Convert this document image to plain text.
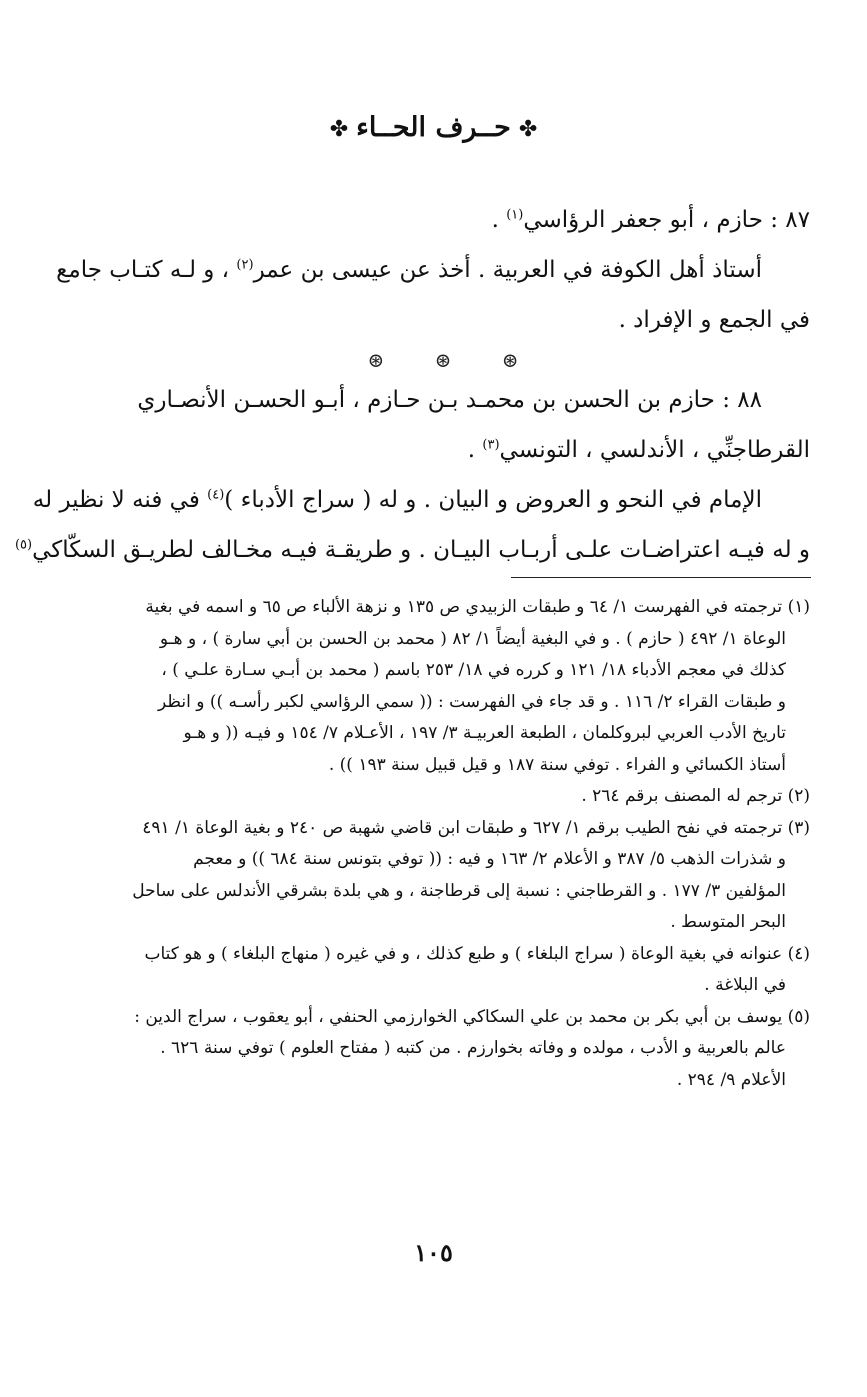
✤حــرف الحــاء✤
٨٧ : حازم ، أبو جعفر الرؤاسي$^{(١)}$ .
أستاذ أهل الكوفة في العربية . أخذ عن عيسى بن عمر$^{(٢)}$ ، و لـه كتـاب جامع
في الجمع و الإفراد .
⊛ ⊛ ⊛
٨٨ : حازم بن الحسن بن محمـد بـن حـازم ، أبـو الحسـن الأنصـاري
القرطاجنِّي ، الأندلسي ، التونسي$^{(٣)}$ .
الإمام في النحو و العروض و البيان . و له ( سراج الأدباء )$^{(٤)}$ في فنه لا نظير له
و له فيـه اعتراضـات علـى أربـاب البيـان . و طريقـة فيـه مخـالف لطريـق السكّاكي$^{(٥)}$
(١) ترجمته في الفهرست ١/ ٦٤ و طبقات الزبيدي ص ١٣٥ و نزهة الألباء ص ٦٥ و اسمه في بغية
الوعاة ١/ ٤٩٢ ( حازم ) . و في البغية أيضاً ١/ ٨٢ ( محمد بن الحسن بن أبي سارة ) ، و هـو
كذلك في معجم الأدباء ١٨/ ١٢١ و كرره في ١٨/ ٢٥٣ باسم ( محمد بن أبـي سـارة علـي ) ،
و طبقات القراء ٢/ ١١٦ . و قد جاء في الفهرست : (( سمي الرؤاسي لكبر رأسـه )) و انظر
تاريخ الأدب العربي لبروكلمان ، الطبعة العربيـة ٣/ ١٩٧ ، الأعـلام ٧/ ١٥٤ و فيـه (( و هـو
أستاذ الكسائي و الفراء . توفي سنة ١٨٧ و قيل قبيل سنة ١٩٣ )) .
(٢) ترجم له المصنف برقم ٢٦٤ .
(٣) ترجمته في نفح الطيب برقم ١/ ٦٢٧ و طبقات ابن قاضي شهبة ص ٢٤٠ و بغية الوعاة ١/ ٤٩١
و شذرات الذهب ٥/ ٣٨٧ و الأعلام ٢/ ١٦٣ و فيه : (( توفي بتونس سنة ٦٨٤ )) و معجم
المؤلفين ٣/ ١٧٧ . و القرطاجني : نسبة إلى قرطاجنة ، و هي بلدة بشرقي الأندلس على ساحل
البحر المتوسط .
(٤) عنوانه في بغية الوعاة ( سراج البلغاء ) و طبع كذلك ، و في غيره ( منهاج البلغاء ) و هو كتاب
في البلاغة .
(٥) يوسف بن أبي بكر بن محمد بن علي السكاكي الخوارزمي الحنفي ، أبو يعقوب ، سراج الدين :
عالم بالعربية و الأدب ، مولده و وفاته بخوارزم . من كتبه ( مفتاح العلوم ) توفي سنة ٦٢٦ .
الأعلام ٩/ ٢٩٤ .
١٠٥
